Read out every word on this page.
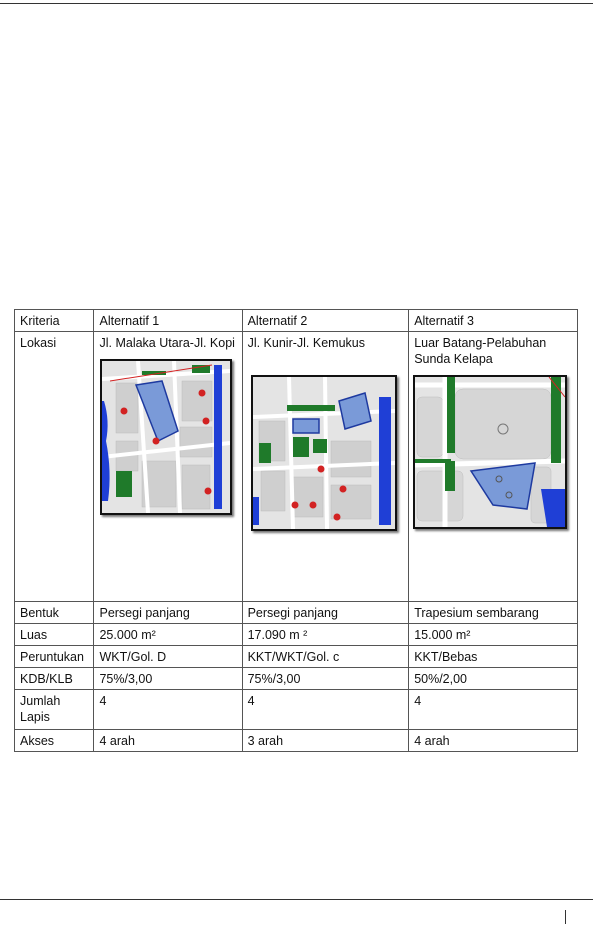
Kriteria	Alternatif 1	Alternatif 2	Alternatif 3
Lokasi	Jl. Malaka Utara-Jl. Kopi	Jl. Kunir-Jl. Kemukus	Luar Batang-Pelabuhan Sunda Kelapa

Bentuk	Persegi panjang	Persegi panjang	Trapesium sembarang
Luas	25.000 m²	17.090 m ²	15.000 m²
Peruntukan	WKT/Gol. D	KKT/WKT/Gol. c	KKT/Bebas
KDB/KLB	75%/3,00	75%/3,00	50%/2,00
Jumlah Lapis	4	4	4
Akses	4 arah	3 arah	4 arah
